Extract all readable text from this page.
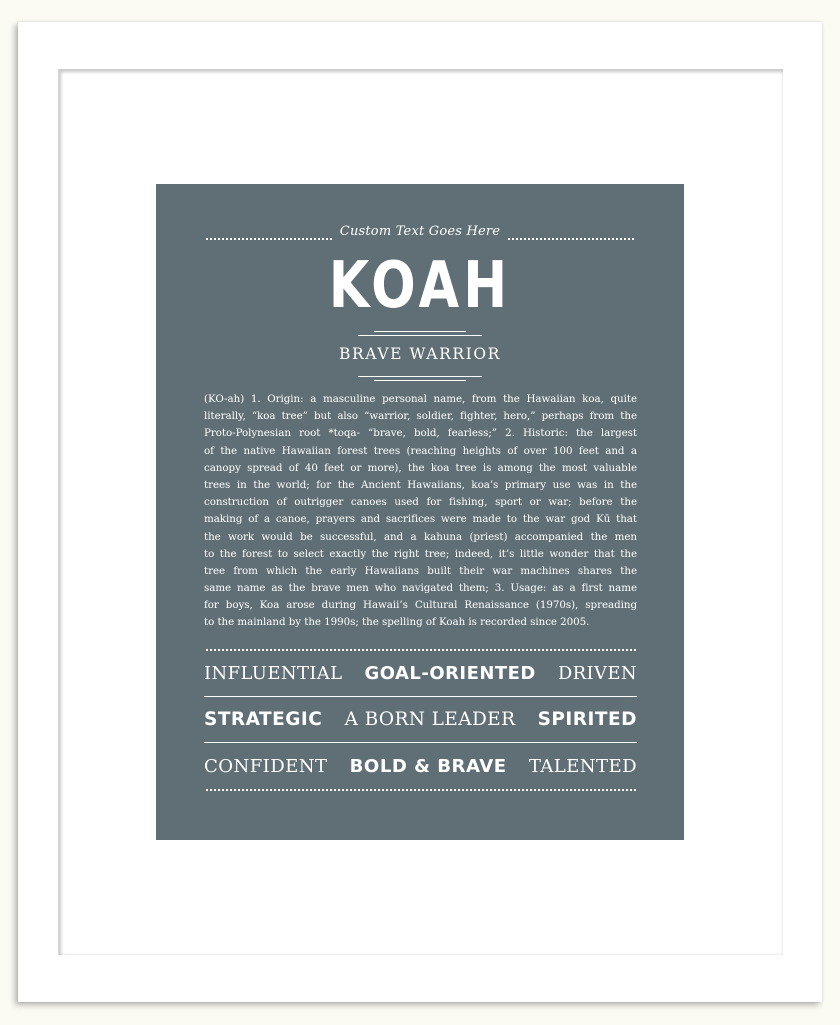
Custom Text Goes Here
KOAH
BRAVE WARRIOR
(KO-ah) 1. Origin: a masculine personal name, from the Hawaiian koa, quite
literally, “koa tree” but also “warrior, soldier, fighter, hero,” perhaps from the
Proto-Polynesian root *toqa- “brave, bold, fearless;” 2. Historic: the largest
of the native Hawaiian forest trees (reaching heights of over 100 feet and a
canopy spread of 40 feet or more), the koa tree is among the most valuable
trees in the world; for the Ancient Hawaiians, koa’s primary use was in the
construction of outrigger canoes used for fishing, sport or war; before the
making of a canoe, prayers and sacrifices were made to the war god Kū that
the work would be successful, and a kahuna (priest) accompanied the men
to the forest to select exactly the right tree; indeed, it’s little wonder that the
tree from which the early Hawaiians built their war machines shares the
same name as the brave men who navigated them; 3. Usage: as a first name
for boys, Koa arose during Hawaii’s Cultural Renaissance (1970s), spreading
to the mainland by the 1990s; the spelling of Koah is recorded since 2005.
INFLUENTIAL GOAL-ORIENTED DRIVEN
STRATEGIC A BORN LEADER SPIRITED
CONFIDENT BOLD & BRAVE TALENTED
